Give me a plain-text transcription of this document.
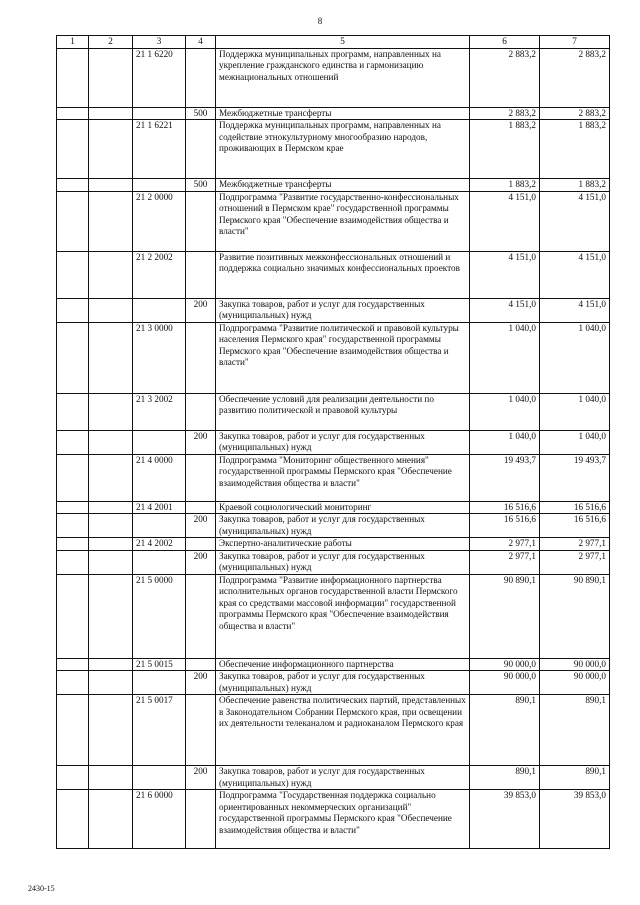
8
1	2	3	4	5	6	7
		21 1 6220		Поддержка муниципальных программ, направленных на укрепление гражданского единства и гармонизацию межнациональных отношений	2 883,2	2 883,2
			500	Межбюджетные трансферты	2 883,2	2 883,2
		21 1 6221		Поддержка муниципальных программ, направленных на содействие этнокультурному многообразию народов, проживающих в Пермском крае	1 883,2	1 883,2
			500	Межбюджетные трансферты	1 883,2	1 883,2
		21 2 0000		Подпрограмма "Развитие государственно-конфессиональных отношений в Пермском крае" государственной программы Пермского края "Обеспечение взаимодействия общества и власти"	4 151,0	4 151,0
		21 2 2002		Развитие позитивных межконфессиональных отношений и поддержка социально значимых конфессиональных проектов	4 151,0	4 151,0
			200	Закупка товаров, работ и услуг для государственных (муниципальных) нужд	4 151,0	4 151,0
		21 3 0000		Подпрограмма "Развитие политической и правовой культуры населения Пермского края" государственной программы Пермского края "Обеспечение взаимодействия общества и власти"	1 040,0	1 040,0
		21 3 2002		Обеспечение условий для реализации деятельности по развитию политической и правовой культуры	1 040,0	1 040,0
			200	Закупка товаров, работ и услуг для государственных (муниципальных) нужд	1 040,0	1 040,0
		21 4 0000		Подпрограмма "Мониторинг общественного мнения" государственной программы Пермского края "Обеспечение взаимодействия общества и власти"	19 493,7	19 493,7
		21 4 2001		Краевой социологический мониторинг	16 516,6	16 516,6
			200	Закупка товаров, работ и услуг для государственных (муниципальных) нужд	16 516,6	16 516,6
		21 4 2002		Экспертно-аналитические работы	2 977,1	2 977,1
			200	Закупка товаров, работ и услуг для государственных (муниципальных) нужд	2 977,1	2 977,1
		21 5 0000		Подпрограмма "Развитие информационного партнерства исполнительных органов государственной власти Пермского края со средствами массовой информации" государственной программы Пермского края "Обеспечение взаимодействия общества и власти"	90 890,1	90 890,1
		21 5 0015		Обеспечение информационного партнерства	90 000,0	90 000,0
			200	Закупка товаров, работ и услуг для государственных (муниципальных) нужд	90 000,0	90 000,0
		21 5 0017		Обеспечение равенства политических партий, представленных в Законодательном Собрании Пермского края, при освещении их деятельности телеканалом и радиоканалом Пермского края	890,1	890,1
			200	Закупка товаров, работ и услуг для государственных (муниципальных) нужд	890,1	890,1
		21 6 0000		Подпрограмма "Государственная поддержка социально ориентированных некоммерческих организаций" государственной программы Пермского края "Обеспечение взаимодействия общества и власти"	39 853,0	39 853,0
2430-15
